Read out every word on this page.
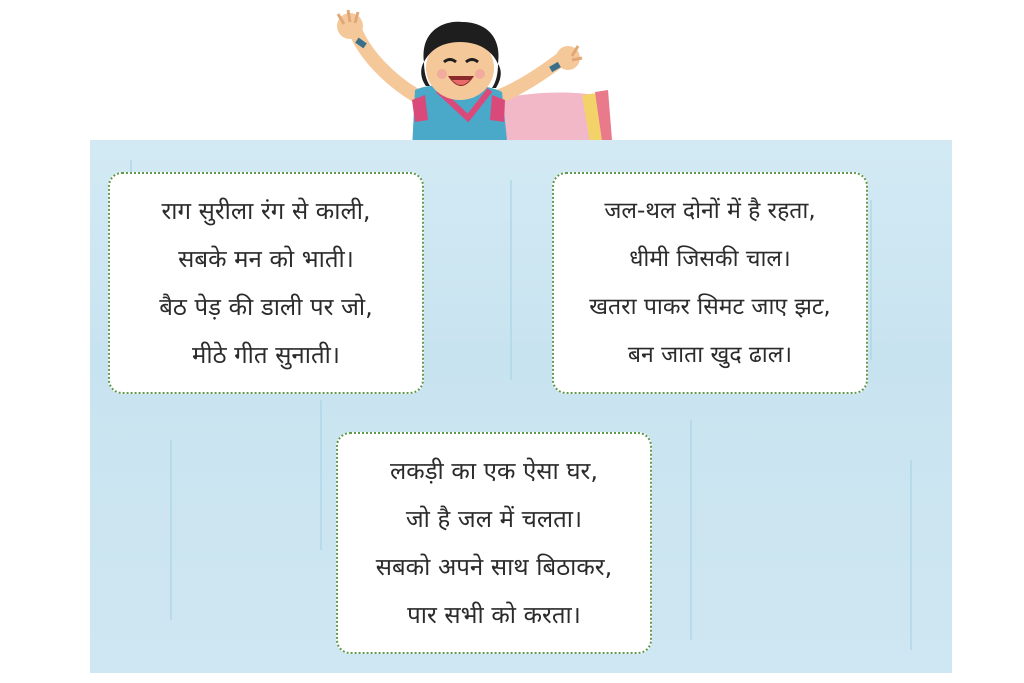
राग सुरीला रंग से काली,
सबके मन को भाती।
बैठ पेड़ की डाली पर जो,
मीठे गीत सुनाती।
जल-थल दोनों में है रहता,
धीमी जिसकी चाल।
खतरा पाकर सिमट जाए झट,
बन जाता खुद ढाल।
लकड़ी का एक ऐसा घर,
जो है जल में चलता।
सबको अपने साथ बिठाकर,
पार सभी को करता।
